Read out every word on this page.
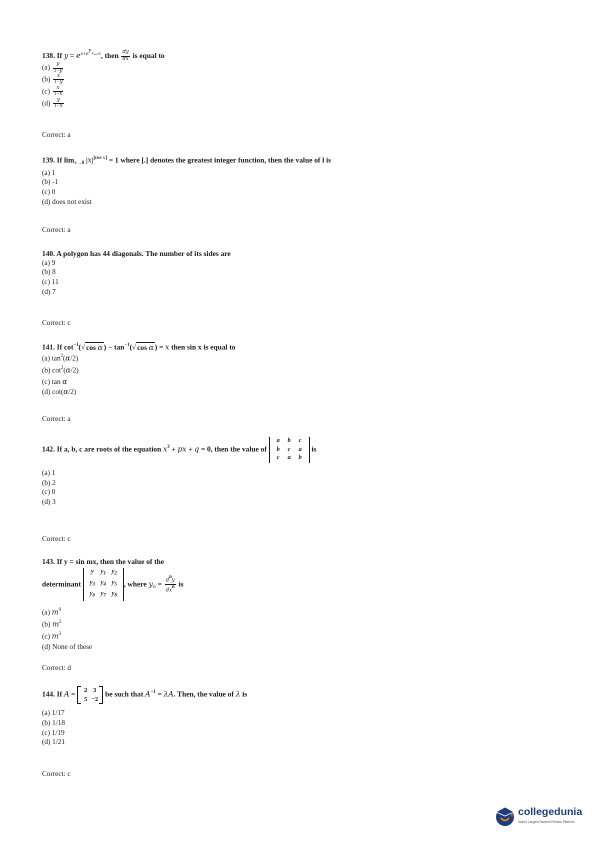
138. If $y = e^{x+e^y+...\infty}$, then $\frac{dy}{dx}$ is equal to
$(a) \frac{y}{1-y}$
$(b) \frac{x}{1-y}$
$(c) \frac{x}{1-x}$
$(d) \frac{y}{1-x}$
Correct: a
139. If $\lim_{x\to 0} |x|[\cos x] = 1$ where [.] denotes the greatest integer function, then the value of l is
(a) 1
(b) -1
(c) 0
(d) does not exist
Correct: a
140. A polygon has 44 diagonals. The number of its sides are
(a) 9
(b) 8
(c) 11
(d) 7
Correct: c
141. If $\cot^{-1}(√\cos$ $\alpha) - \tan^{-1}(√\cos$ α) = x then sin x is equal to
(a) $\tan^2(\alpha/2)$
(b) $\cot^2(\alpha/2)$
(c) tan α
(d) cot(α/2)
Correct: a
142. If a, b, c are roots of the equation $x^3$ + px + q = 0, then the value of a b c
b c a
c a b is
(a) 1
(b) 2
(c) 0
(d) 3
Correct: c
143. If y = sin mx, then the value of the
determinant y $y_1$ $y_2$
$y_3$ $y_4$ $y_5$
$y_6$ $y_7$ $y_8$, where $y_n = \frac{d^ny}{dx^n}$ is
(a) $m^9$
(b) $m^2$
(c) $m^3$
(d) None of these
Correct: d
144. If A = 2 3
5 −2 be such that $A^{-1} = \lambda A$. Then, the value of λ is
(a) 1/17
(b) 1/18
(c) 1/19
(d) 1/21
Correct: c
collegedunia
India's Largest Student Review Platform
